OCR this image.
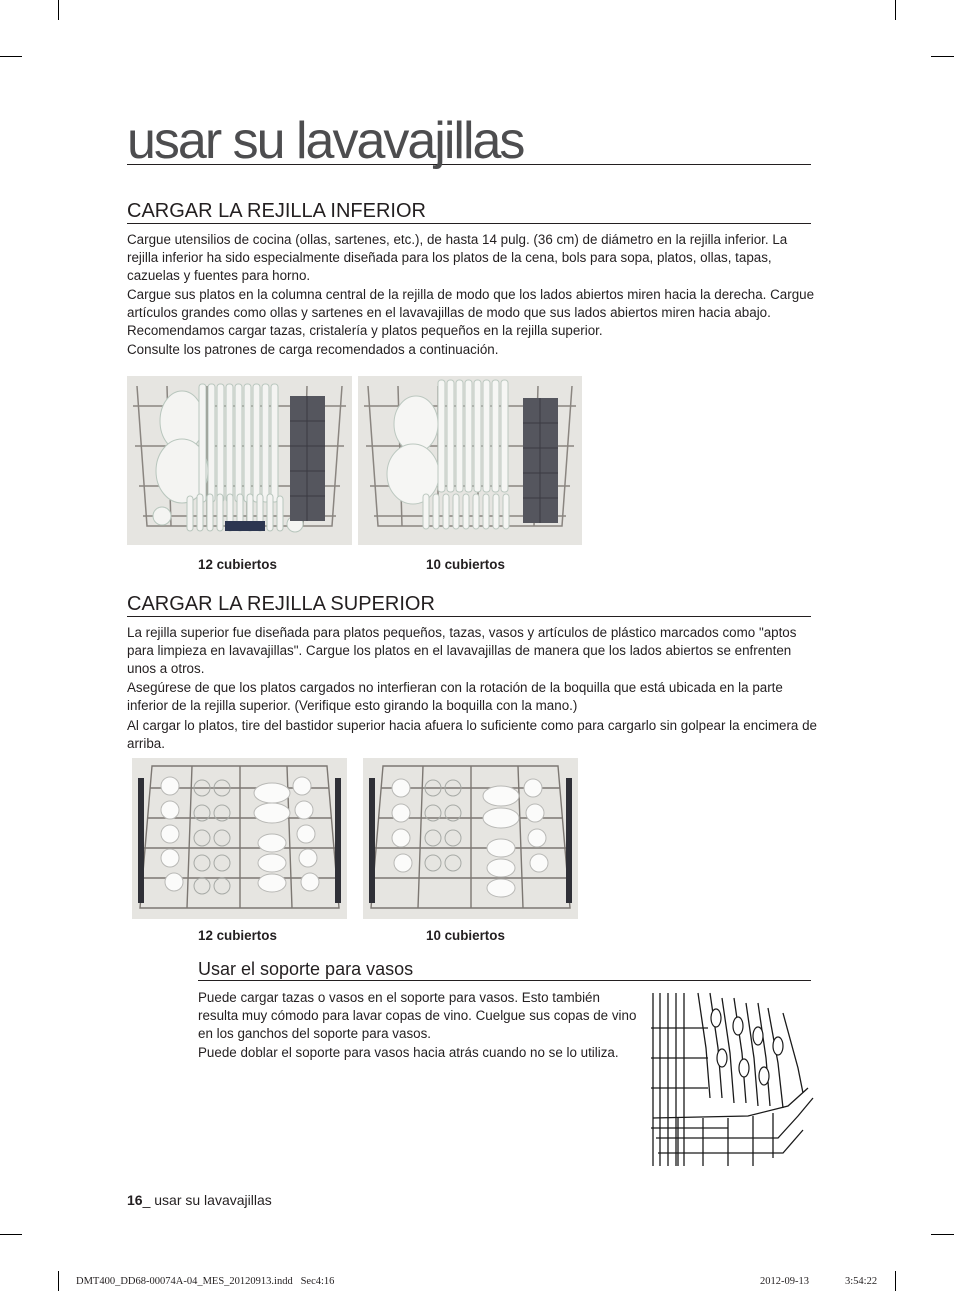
usar su lavavajillas
CARGAR LA REJILLA INFERIOR

Cargue utensilios de cocina (ollas, sartenes, etc.), de hasta 14 pulg. (36 cm) de diámetro en la rejilla inferior. La rejilla inferior ha sido especialmente diseñada para los platos de la cena, bols para sopa, platos, ollas, tapas, cazuelas y fuentes para horno.

Cargue sus platos en la columna central de la rejilla de modo que los lados abiertos miren hacia la derecha. Cargue artículos grandes como ollas y sartenes en el lavavajillas de modo que sus lados abiertos miren hacia abajo. Recomendamos cargar tazas, cristalería y platos pequeños en la rejilla superior.

Consulte los patrones de carga recomendados a continuación.

12 cubiertos	10 cubiertos
CARGAR LA REJILLA SUPERIOR

La rejilla superior fue diseñada para platos pequeños, tazas, vasos y artículos de plástico marcados como "aptos para limpieza en lavavajillas". Cargue los platos en el lavavajillas de manera que los lados abiertos se enfrenten unos a otros.

Asegúrese de que los platos cargados no interfieran con la rotación de la boquilla que está ubicada en la parte inferior de la rejilla superior. (Verifique esto girando la boquilla con la mano.)

Al cargar lo platos, tire del bastidor superior hacia afuera lo suficiente como para cargarlo sin golpear la encimera de arriba.

12 cubiertos	10 cubiertos
Usar el soporte para vasos

Puede cargar tazas o vasos en el soporte para vasos. Esto también resulta muy cómodo para lavar copas de vino. Cuelgue sus copas de vino en los ganchos del soporte para vasos.

Puede doblar el soporte para vasos hacia atrás cuando no se lo utiliza.

16_ usar su lavavajillas
DMT400_DD68-00074A-04_MES_20120913.indd   Sec4:16	2012-09-13	3:54:22
